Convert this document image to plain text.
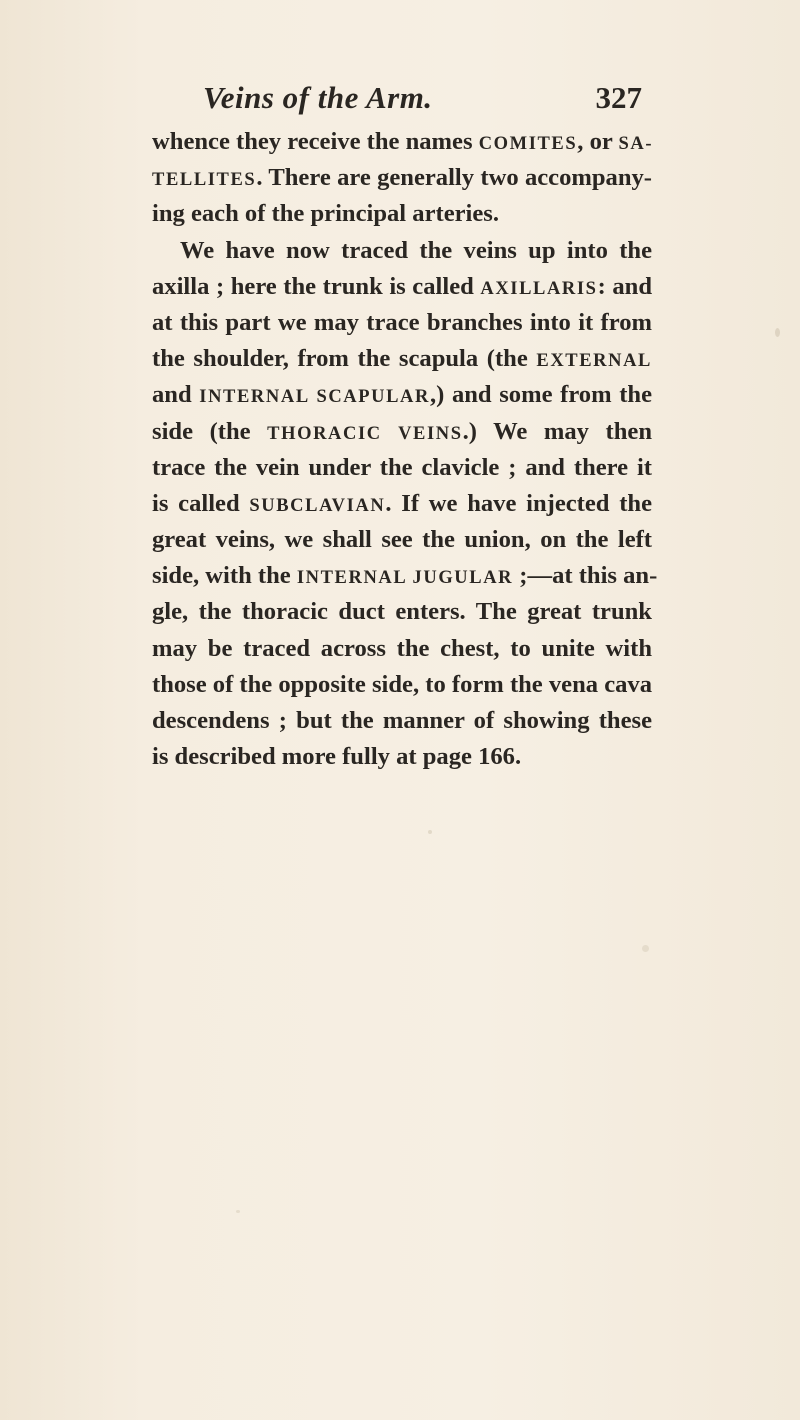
Veins of the Arm.	327
whence they receive the names COMITES, or SA-
TELLITES. There are generally two accompany-
ing each of the principal arteries.
We have now traced the veins up into the
axilla ; here the trunk is called AXILLARIS: and
at this part we may trace branches into it from
the shoulder, from the scapula (the EXTERNAL
and INTERNAL SCAPULAR,) and some from the
side (the THORACIC VEINS.) We may then
trace the vein under the clavicle ; and there it
is called SUBCLAVIAN. If we have injected the
great veins, we shall see the union, on the left
side, with the INTERNAL JUGULAR ;—at this an-
gle, the thoracic duct enters. The great trunk
may be traced across the chest, to unite with
those of the opposite side, to form the vena cava
descendens ; but the manner of showing these
is described more fully at page 166.
